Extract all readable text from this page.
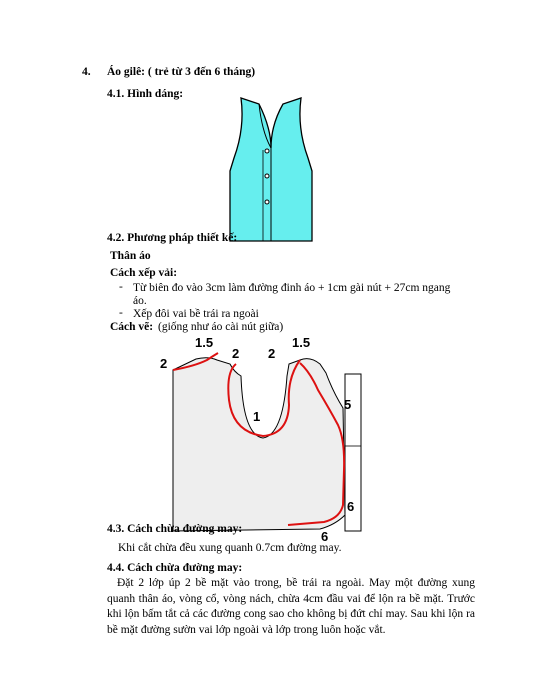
4. Áo gilê: ( trẻ từ 3 đến 6 tháng)
4.1. Hình dáng:
4.2. Phương pháp thiết kế:
Thân áo
Cách xếp vải:
- Từ biên đo vào 3cm làm đường đinh áo + 1cm gài nút + 27cm ngang
áo.
- Xếp đôi vai bề trái ra ngoài
Cách vẽ: (giống như áo cài nút giữa)
1.5	1.5
2
2 2
1
5
6
6
4.3. Cách chừa đường may:
Khi cắt chừa đều xung quanh 0.7cm đường may.
4.4. Cách chừa đường may:
Đặt 2 lớp úp 2 bề mặt vào trong, bề trái ra ngoài. May một đường xung quanh thân áo, vòng cổ, vòng nách, chừa 4cm đầu vai để lộn ra bề mặt. Trước khi lộn bấm tắt cả các đường cong sao cho không bị đứt chỉ may. Sau khi lộn ra bề mặt đường sườn vai lớp ngoài và lớp trong luôn hoặc vắt.
